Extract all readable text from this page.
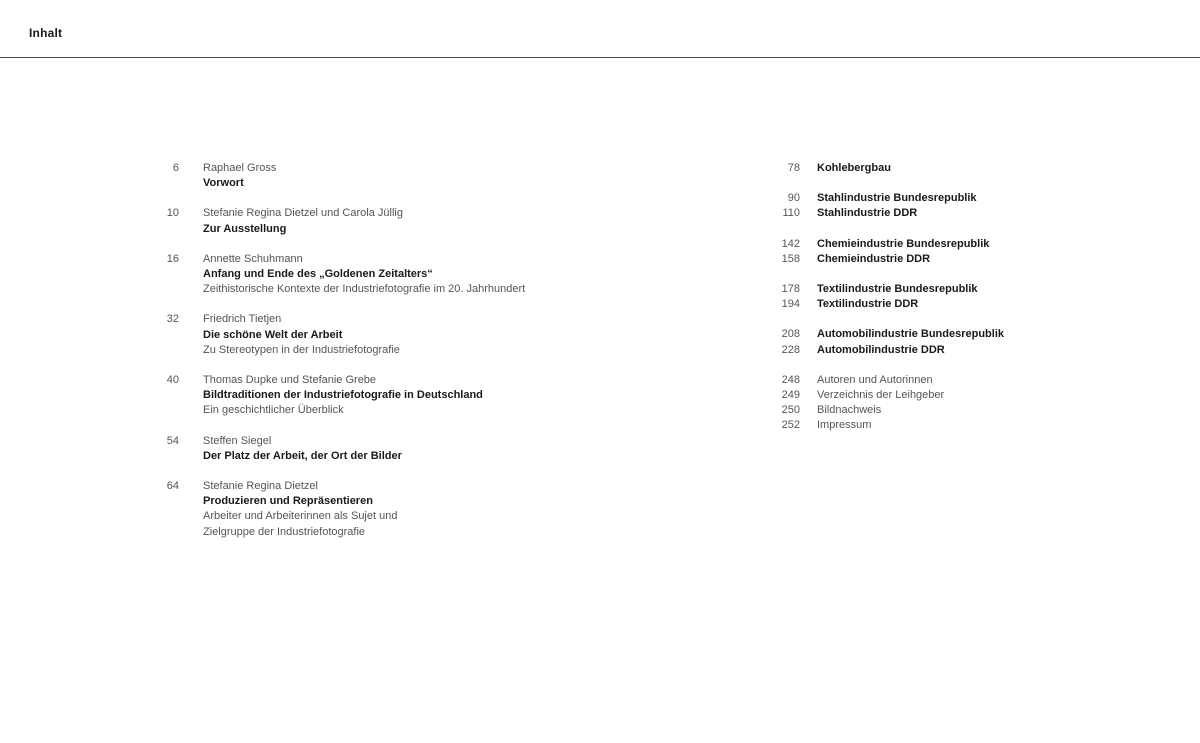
Inhalt
6 Raphael Gross
Vorwort
10 Stefanie Regina Dietzel und Carola Jüllig
Zur Ausstellung
16 Annette Schuhmann
Anfang und Ende des „Goldenen Zeitalters“
Zeithistorische Kontexte der Industriefotografie im 20. Jahrhundert
32 Friedrich Tietjen
Die schöne Welt der Arbeit
Zu Stereotypen in der Industriefotografie
40 Thomas Dupke und Stefanie Grebe
Bildtraditionen der Industriefotografie in Deutschland
Ein geschichtlicher Überblick
54 Steffen Siegel
Der Platz der Arbeit, der Ort der Bilder
64 Stefanie Regina Dietzel
Produzieren und Repräsentieren
Arbeiter und Arbeiterinnen als Sujet und
Zielgruppe der Industriefotografie
78 Kohlebergbau
90 Stahlindustrie Bundesrepublik
110 Stahlindustrie DDR
142 Chemieindustrie Bundesrepublik
158 Chemieindustrie DDR
178 Textilindustrie Bundesrepublik
194 Textilindustrie DDR
208 Automobilindustrie Bundesrepublik
228 Automobilindustrie DDR
248 Autoren und Autorinnen
249 Verzeichnis der Leihgeber
250 Bildnachweis
252 Impressum
